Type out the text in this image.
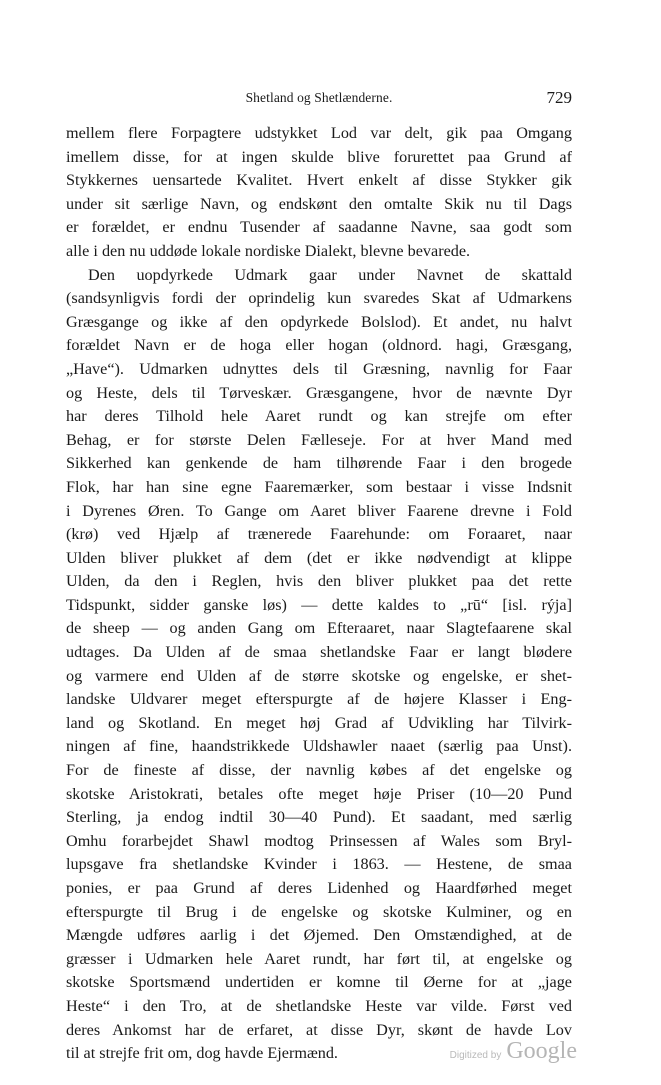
Shetland og Shetlænderne.	729
mellem flere Forpagtere udstykket Lod var delt, gik paa Omgang
imellem disse, for at ingen skulde blive forurettet paa Grund af
Stykkernes uensartede Kvalitet. Hvert enkelt af disse Stykker gik
under sit særlige Navn, og endskønt den omtalte Skik nu til Dags
er forældet, er endnu Tusender af saadanne Navne, saa godt som
alle i den nu uddøde lokale nordiske Dialekt, blevne bevarede.
Den uopdyrkede Udmark gaar under Navnet de skattald
(sandsynligvis fordi der oprindelig kun svaredes Skat af Udmarkens
Græsgange og ikke af den opdyrkede Bolslod). Et andet, nu halvt
forældet Navn er de hoga eller hogan (oldnord. hagi, Græsgang,
„Have“). Udmarken udnyttes dels til Græsning, navnlig for Faar
og Heste, dels til Tørveskær. Græsgangene, hvor de nævnte Dyr
har deres Tilhold hele Aaret rundt og kan strejfe om efter
Behag, er for største Delen Fælleseje. For at hver Mand med
Sikkerhed kan genkende de ham tilhørende Faar i den brogede
Flok, har han sine egne Faaremærker, som bestaar i visse Indsnit
i Dyrenes Øren. To Gange om Aaret bliver Faarene drevne i Fold
(krø) ved Hjælp af trænerede Faarehunde: om Foraaret, naar
Ulden bliver plukket af dem (det er ikke nødvendigt at klippe
Ulden, da den i Reglen, hvis den bliver plukket paa det rette
Tidspunkt, sidder ganske løs) — dette kaldes to „rū“ [isl. rýja]
de sheep — og anden Gang om Efteraaret, naar Slagtefaarene skal
udtages. Da Ulden af de smaa shetlandske Faar er langt blødere
og varmere end Ulden af de større skotske og engelske, er shet-
landske Uldvarer meget efterspurgte af de højere Klasser i Eng-
land og Skotland. En meget høj Grad af Udvikling har Tilvirk-
ningen af fine, haandstrikkede Uldshawler naaet (særlig paa Unst).
For de fineste af disse, der navnlig købes af det engelske og
skotske Aristokrati, betales ofte meget høje Priser (10—20 Pund
Sterling, ja endog indtil 30—40 Pund). Et saadant, med særlig
Omhu forarbejdet Shawl modtog Prinsessen af Wales som Bryl-
lupsgave fra shetlandske Kvinder i 1863. — Hestene, de smaa
ponies, er paa Grund af deres Lidenhed og Haardførhed meget
efterspurgte til Brug i de engelske og skotske Kulminer, og en
Mængde udføres aarlig i det Øjemed. Den Omstændighed, at de
græsser i Udmarken hele Aaret rundt, har ført til, at engelske og
skotske Sportsmænd undertiden er komne til Øerne for at „jage
Heste“ i den Tro, at de shetlandske Heste var vilde. Først ved
deres Ankomst har de erfaret, at disse Dyr, skønt de havde Lov
til at strejfe frit om, dog havde Ejermænd.	Digitized by Google
